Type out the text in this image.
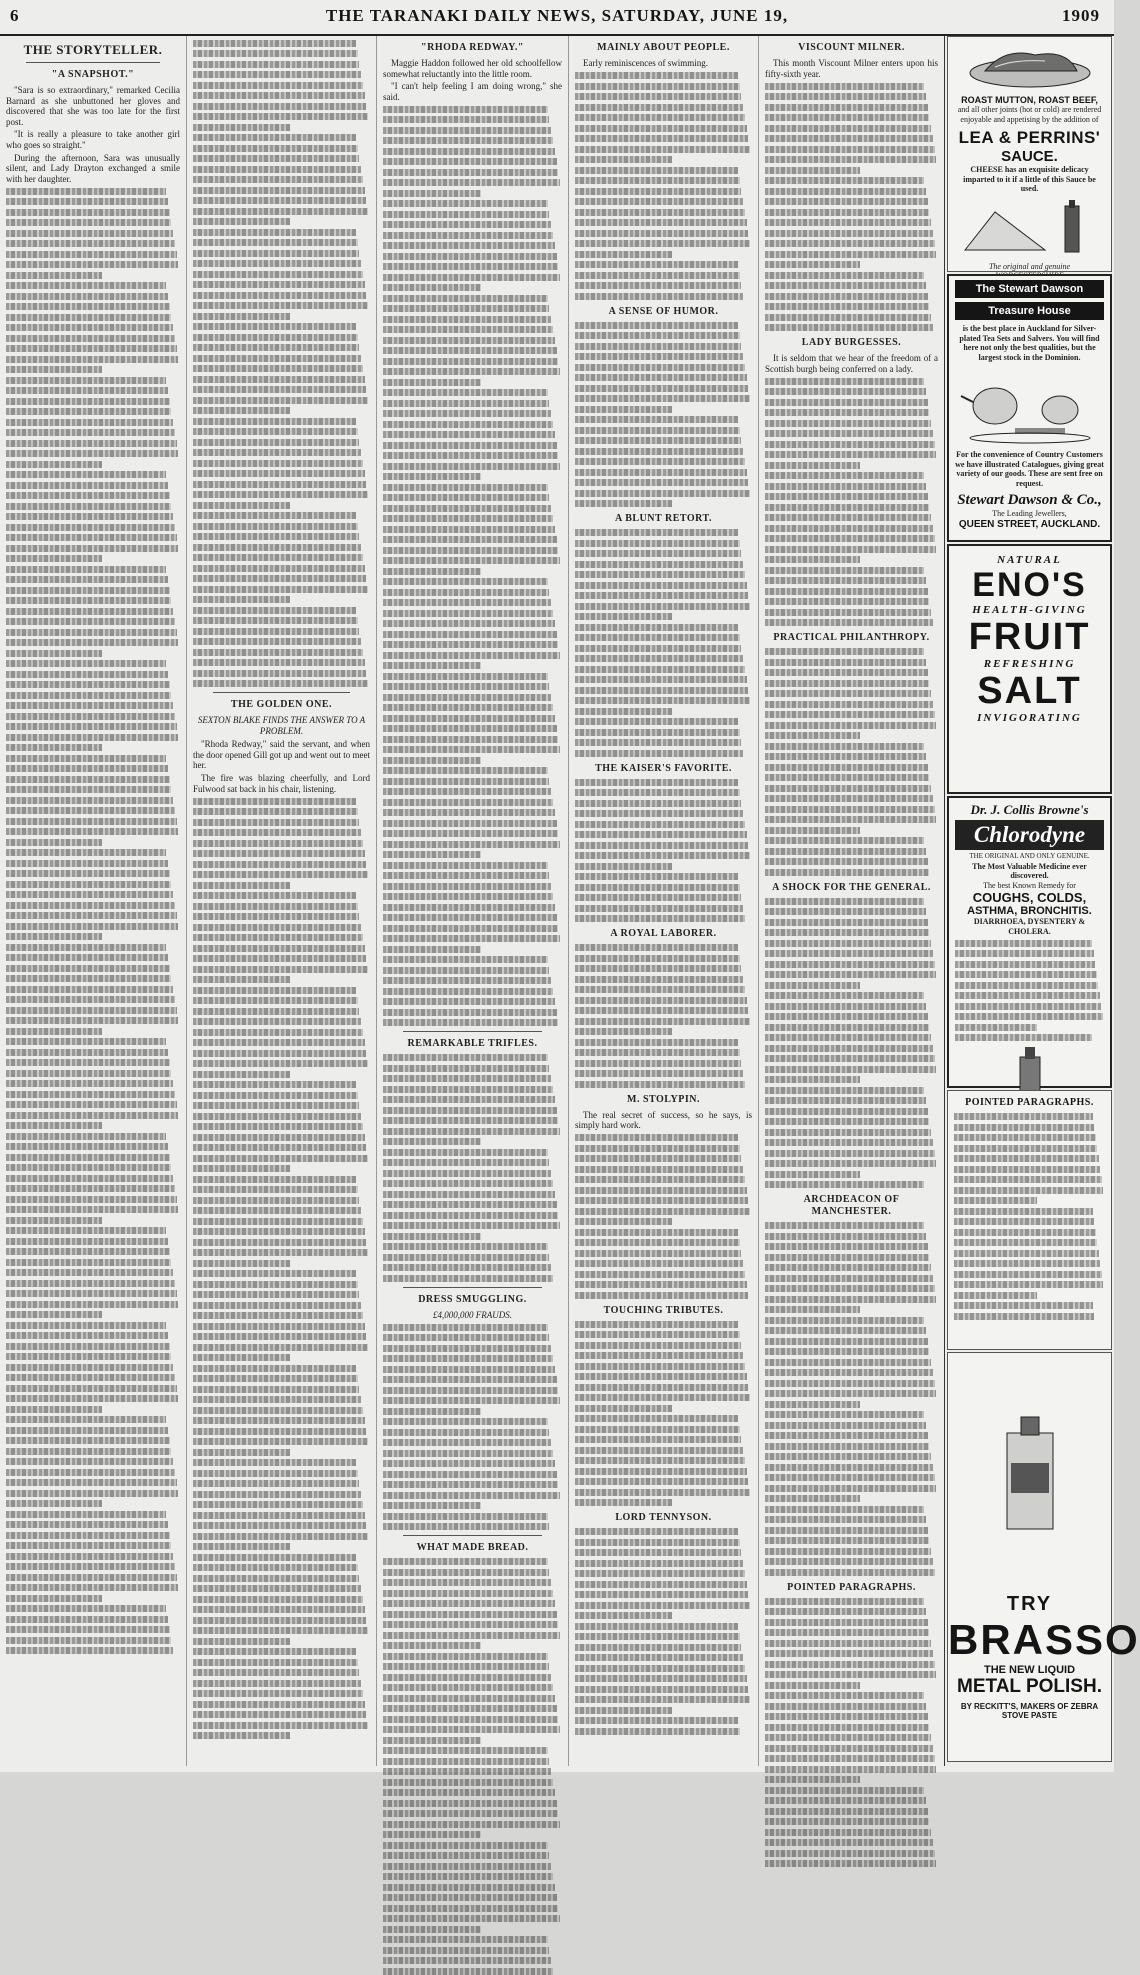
6	THE TARANAKI DAILY NEWS, SATURDAY, JUNE 19,	1909
THE STORYTELLER.
"A SNAPSHOT."

"Sara is so extraordinary," remarked Cecilia Barnard as she unbuttoned her gloves and discovered that she was too late for the first post.

"It is really a pleasure to take another girl who goes so straight."

During the afternoon, Sara was unusually silent, and Lady Drayton exchanged a smile with her daughter.

THE GOLDEN ONE.
SEXTON BLAKE FINDS THE ANSWER TO A PROBLEM.

"Rhoda Redway," said the servant, and when the door opened Gill got up and went out to meet her.

The fire was blazing cheerfully, and Lord Fulwood sat back in his chair, listening.

"RHODA REDWAY."

Maggie Haddon followed her old schoolfellow somewhat reluctantly into the little room.

"I can't help feeling I am doing wrong," she said.

REMARKABLE TRIFLES.
DRESS SMUGGLING.
£4,000,000 FRAUDS.
WHAT MADE BREAD.
MAINLY ABOUT PEOPLE.

Early reminiscences of swimming.

A SENSE OF HUMOR.
A BLUNT RETORT.
THE KAISER'S FAVORITE.
A ROYAL LABORER.
M. STOLYPIN.

The real secret of success, so he says, is simply hard work.

TOUCHING TRIBUTES.
LORD TENNYSON.
VISCOUNT MILNER.

This month Viscount Milner enters upon his fifty-sixth year.

LADY BURGESSES.

It is seldom that we hear of the freedom of a Scottish burgh being conferred on a lady.

PRACTICAL PHILANTHROPY.
A SHOCK FOR THE GENERAL.
ARCHDEACON OF MANCHESTER.
POINTED PARAGRAPHS.
ROAST MUTTON, ROAST BEEF,
and all other joints (hot or cold) are rendered enjoyable and appetising by the addition of
LEA & PERRINS'
SAUCE.
CHEESE has an exquisite delicacy imparted to it if a little of this Sauce be used.
The original and genuine
The Stewart Dawson
Treasure House
is the best place in Auckland for Silver-plated Tea Sets and Salvers. You will find here not only the best qualities, but the largest stock in the Dominion.
For the convenience of Country Customers we have illustrated Catalogues, giving great variety of our goods. These are sent free on request.
Stewart Dawson & Co.,
The Leading Jewellers,
QUEEN STREET, AUCKLAND.
NATURAL
ENO'S
HEALTH-GIVING
FRUIT
REFRESHING
SALT
INVIGORATING
Dr. J. Collis Browne's
Chlorodyne
THE ORIGINAL AND ONLY GENUINE.
The Most Valuable Medicine ever discovered.
The best Known Remedy for
COUGHS, COLDS,
ASTHMA, BRONCHITIS.
DIARRHOEA, DYSENTERY & CHOLERA.
POINTED PARAGRAPHS.
TRY
BRASSO
THE NEW LIQUID
METAL POLISH.
BY RECKITT'S, MAKERS OF ZEBRA STOVE PASTE
